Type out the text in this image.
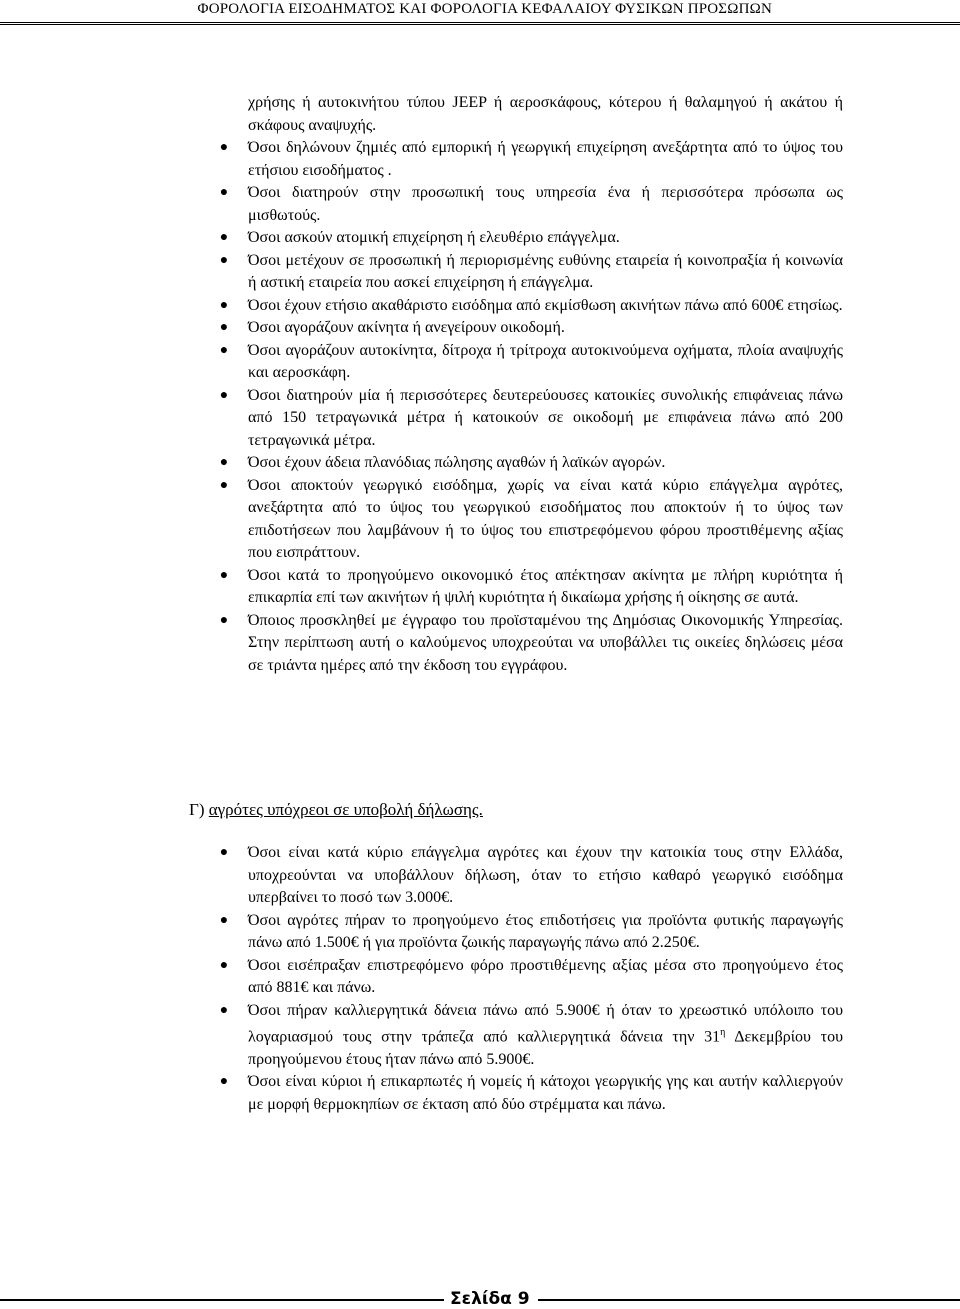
ΦΟΡΟΛΟΓΙΑ ΕΙΣΟΔΗΜΑΤΟΣ ΚΑΙ ΦΟΡΟΛΟΓΙΑ ΚΕΦΑΛΑΙΟΥ ΦΥΣΙΚΩΝ ΠΡΟΣΩΠΩΝ
χρήσης ή αυτοκινήτου τύπου JEEP ή αεροσκάφους, κότερου ή θαλαμηγού ή ακάτου ή σκάφους αναψυχής.
● Όσοι δηλώνουν ζημιές από εμπορική ή γεωργική επιχείρηση ανεξάρτητα από το ύψος του ετήσιου εισοδήματος .
● Όσοι διατηρούν στην προσωπική τους υπηρεσία ένα ή περισσότερα πρόσωπα ως μισθωτούς.
● Όσοι ασκούν ατομική επιχείρηση ή ελευθέριο επάγγελμα.
● Όσοι μετέχουν σε προσωπική ή περιορισμένης ευθύνης εταιρεία ή κοινοπραξία ή κοινωνία ή αστική εταιρεία που ασκεί επιχείρηση ή επάγγελμα.
● Όσοι έχουν ετήσιο ακαθάριστο εισόδημα από εκμίσθωση ακινήτων πάνω από 600€ ετησίως.
● Όσοι αγοράζουν ακίνητα ή ανεγείρουν οικοδομή.
● Όσοι αγοράζουν αυτοκίνητα, δίτροχα ή τρίτροχα αυτοκινούμενα οχήματα, πλοία αναψυχής και αεροσκάφη.
● Όσοι διατηρούν μία ή περισσότερες δευτερεύουσες κατοικίες συνολικής επιφάνειας πάνω από 150 τετραγωνικά μέτρα ή κατοικούν σε οικοδομή με επιφάνεια πάνω από 200 τετραγωνικά μέτρα.
● Όσοι έχουν άδεια πλανόδιας πώλησης αγαθών ή λαϊκών αγορών.
● Όσοι αποκτούν γεωργικό εισόδημα, χωρίς να είναι κατά κύριο επάγγελμα αγρότες, ανεξάρτητα από το ύψος του γεωργικού εισοδήματος που αποκτούν ή το ύψος των επιδοτήσεων που λαμβάνουν ή το ύψος του επιστρεφόμενου φόρου προστιθέμενης αξίας που εισπράττουν.
● Όσοι κατά το προηγούμενο οικονομικό έτος απέκτησαν ακίνητα με πλήρη κυριότητα ή επικαρπία επί των ακινήτων ή ψιλή κυριότητα ή δικαίωμα χρήσης ή οίκησης σε αυτά.
● Όποιος προσκληθεί με έγγραφο του προϊσταμένου της Δημόσιας Οικονομικής Υπηρεσίας. Στην περίπτωση αυτή ο καλούμενος υποχρεούται να υποβάλλει τις οικείες δηλώσεις μέσα σε τριάντα ημέρες από την έκδοση του εγγράφου.
Γ) αγρότες υπόχρεοι σε υποβολή δήλωσης.
● Όσοι είναι κατά κύριο επάγγελμα αγρότες και έχουν την κατοικία τους στην Ελλάδα, υποχρεούνται να υποβάλλουν δήλωση, όταν το ετήσιο καθαρό γεωργικό εισόδημα υπερβαίνει το ποσό των 3.000€.
● Όσοι αγρότες πήραν το προηγούμενο έτος επιδοτήσεις για προϊόντα φυτικής παραγωγής πάνω από 1.500€ ή για προϊόντα ζωικής παραγωγής πάνω από 2.250€.
● Όσοι εισέπραξαν επιστρεφόμενο φόρο προστιθέμενης αξίας μέσα στο προηγούμενο έτος από 881€ και πάνω.
● Όσοι πήραν καλλιεργητικά δάνεια πάνω από 5.900€ ή όταν το χρεωστικό υπόλοιπο του λογαριασμού τους στην τράπεζα από καλλιεργητικά δάνεια την $31^\eta$ Δεκεμβρίου του προηγούμενου έτους ήταν πάνω από 5.900€.
● Όσοι είναι κύριοι ή επικαρπωτές ή νομείς ή κάτοχοι γεωργικής γης και αυτήν καλλιεργούν με μορφή θερμοκηπίων σε έκταση από δύο στρέμματα και πάνω.
Σελίδα 9
